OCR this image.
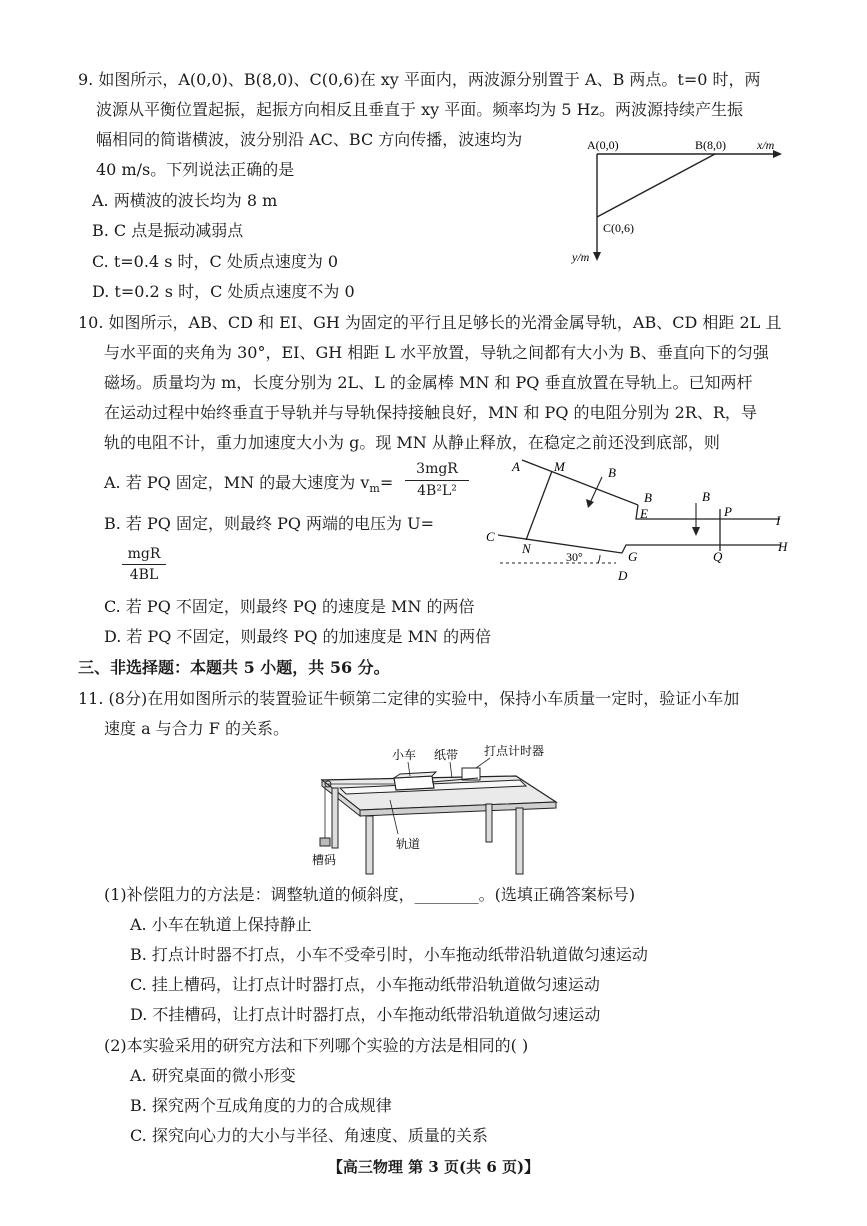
9. 如图所示，A(0,0)、B(8,0)、C(0,6)在 xy 平面内，两波源分别置于 A、B 两点。t=0 时，两
波源从平衡位置起振，起振方向相反且垂直于 xy 平面。频率均为 5 Hz。两波源持续产生振
幅相同的简谐横波，波分别沿 AC、BC 方向传播，波速均为
40 m/s。下列说法正确的是
A. 两横波的波长均为 8 m
B. C 点是振动减弱点
C. t=0.4 s 时，C 处质点速度为 0
D. t=0.2 s 时，C 处质点速度不为 0
A(0,0)	B(8,0)	x/m
C(0,6)
y/m
10. 如图所示，AB、CD 和 EI、GH 为固定的平行且足够长的光滑金属导轨，AB、CD 相距 2L 且
与水平面的夹角为 30°，EI、GH 相距 L 水平放置，导轨之间都有大小为 B、垂直向下的匀强
磁场。质量均为 m，长度分别为 2L、L 的金属棒 MN 和 PQ 垂直放置在导轨上。已知两杆
在运动过程中始终垂直于导轨并与导轨保持接触良好，MN 和 PQ 的电阻分别为 2R、R，导
轨的电阻不计，重力加速度大小为 g。现 MN 从静止释放，在稳定之前还没到底部，则
A. 若 PQ 固定，MN 的最大速度为 $v_m=$
3mgR
4B²L²
B. 若 PQ 固定，则最终 PQ 两端的电压为 U=
mgR
4BL
C. 若 PQ 不固定，则最终 PQ 的速度是 MN 的两倍
D. 若 PQ 不固定，则最终 PQ 的加速度是 MN 的两倍
A	M	B
B
E
B
P
I
C
N
30°	G	Q
H
D
三、非选择题：本题共 5 小题，共 56 分。
11. (8分)在用如图所示的装置验证牛顿第二定律的实验中，保持小车质量一定时，验证小车加
速度 a 与合力 F 的关系。
小车 纸带 打点计时器
轨道
槽码
(1)补偿阻力的方法是：调整轨道的倾斜度，________。(选填正确答案标号)
A. 小车在轨道上保持静止
B. 打点计时器不打点，小车不受牵引时，小车拖动纸带沿轨道做匀速运动
C. 挂上槽码，让打点计时器打点，小车拖动纸带沿轨道做匀速运动
D. 不挂槽码，让打点计时器打点，小车拖动纸带沿轨道做匀速运动
(2)本实验采用的研究方法和下列哪个实验的方法是相同的( )
A. 研究桌面的微小形变
B. 探究两个互成角度的力的合成规律
C. 探究向心力的大小与半径、角速度、质量的关系
【高三物理 第 3 页(共 6 页)】
